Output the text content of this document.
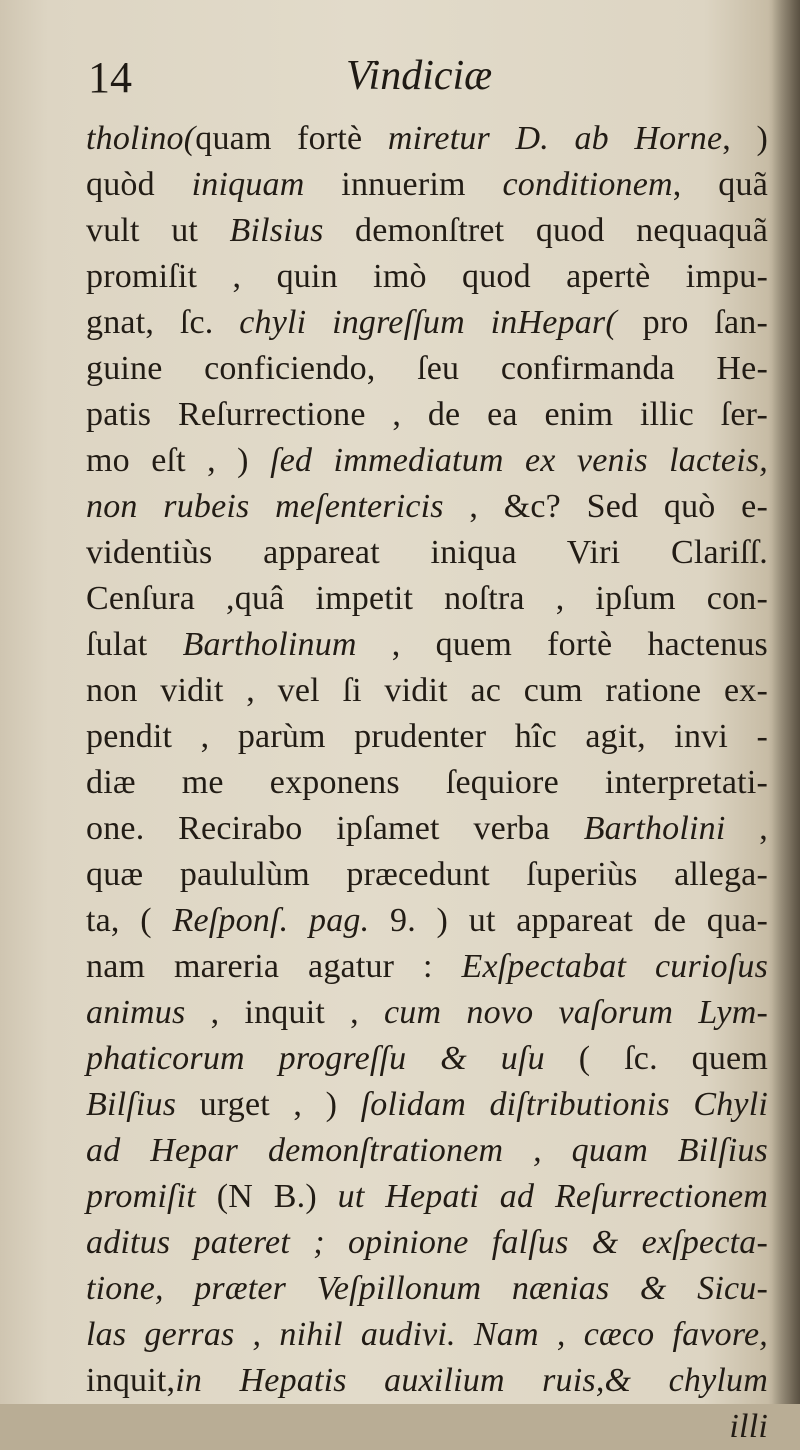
14	Vindiciæ
tholino(quam fortè miretur D. ab Horne, )
quòd iniquam innuerim conditionem, quã
vult ut Bilsius demonſtret quod nequaquã
promiſit , quin imò quod apertè impu-
gnat, ſc. chyli ingreſſum inHepar( pro ſan-
guine conficiendo, ſeu confirmanda He-
patis Reſurrectione , de ea enim illic ſer-
mo eſt , ) ſed immediatum ex venis lacteis,
non rubeis meſentericis , &c? Sed quò e-
videntiùs appareat iniqua Viri Clariſſ.
Cenſura ,quâ impetit noſtra , ipſum con-
ſulat Bartholinum , quem fortè hactenus
non vidit , vel ſi vidit ac cum ratione ex-
pendit , parùm prudenter hîc agit, invi -
diæ me exponens ſequiore interpretati-
one. Recirabo ipſamet verba Bartholini ,
quæ paululùm præcedunt ſuperiùs allega-
ta, ( Reſponſ. pag. 9. ) ut appareat de qua-
nam mareria agatur : Exſpectabat curioſus
animus , inquit , cum novo vaſorum Lym-
phaticorum progreſſu & uſu ( ſc. quem
Bilſius urget , ) ſolidam diſtributionis Chyli
ad Hepar demonſtrationem , quam Bilſius
promiſit (N B.) ut Hepati ad Reſurrectionem
aditus pateret ; opinione falſus & exſpecta-
tione, præter Veſpillonum nænias & Sicu-
las gerras , nihil audivi. Nam , cæco favore,
inquit,in Hepatis auxilium ruis,& chylum
illi
